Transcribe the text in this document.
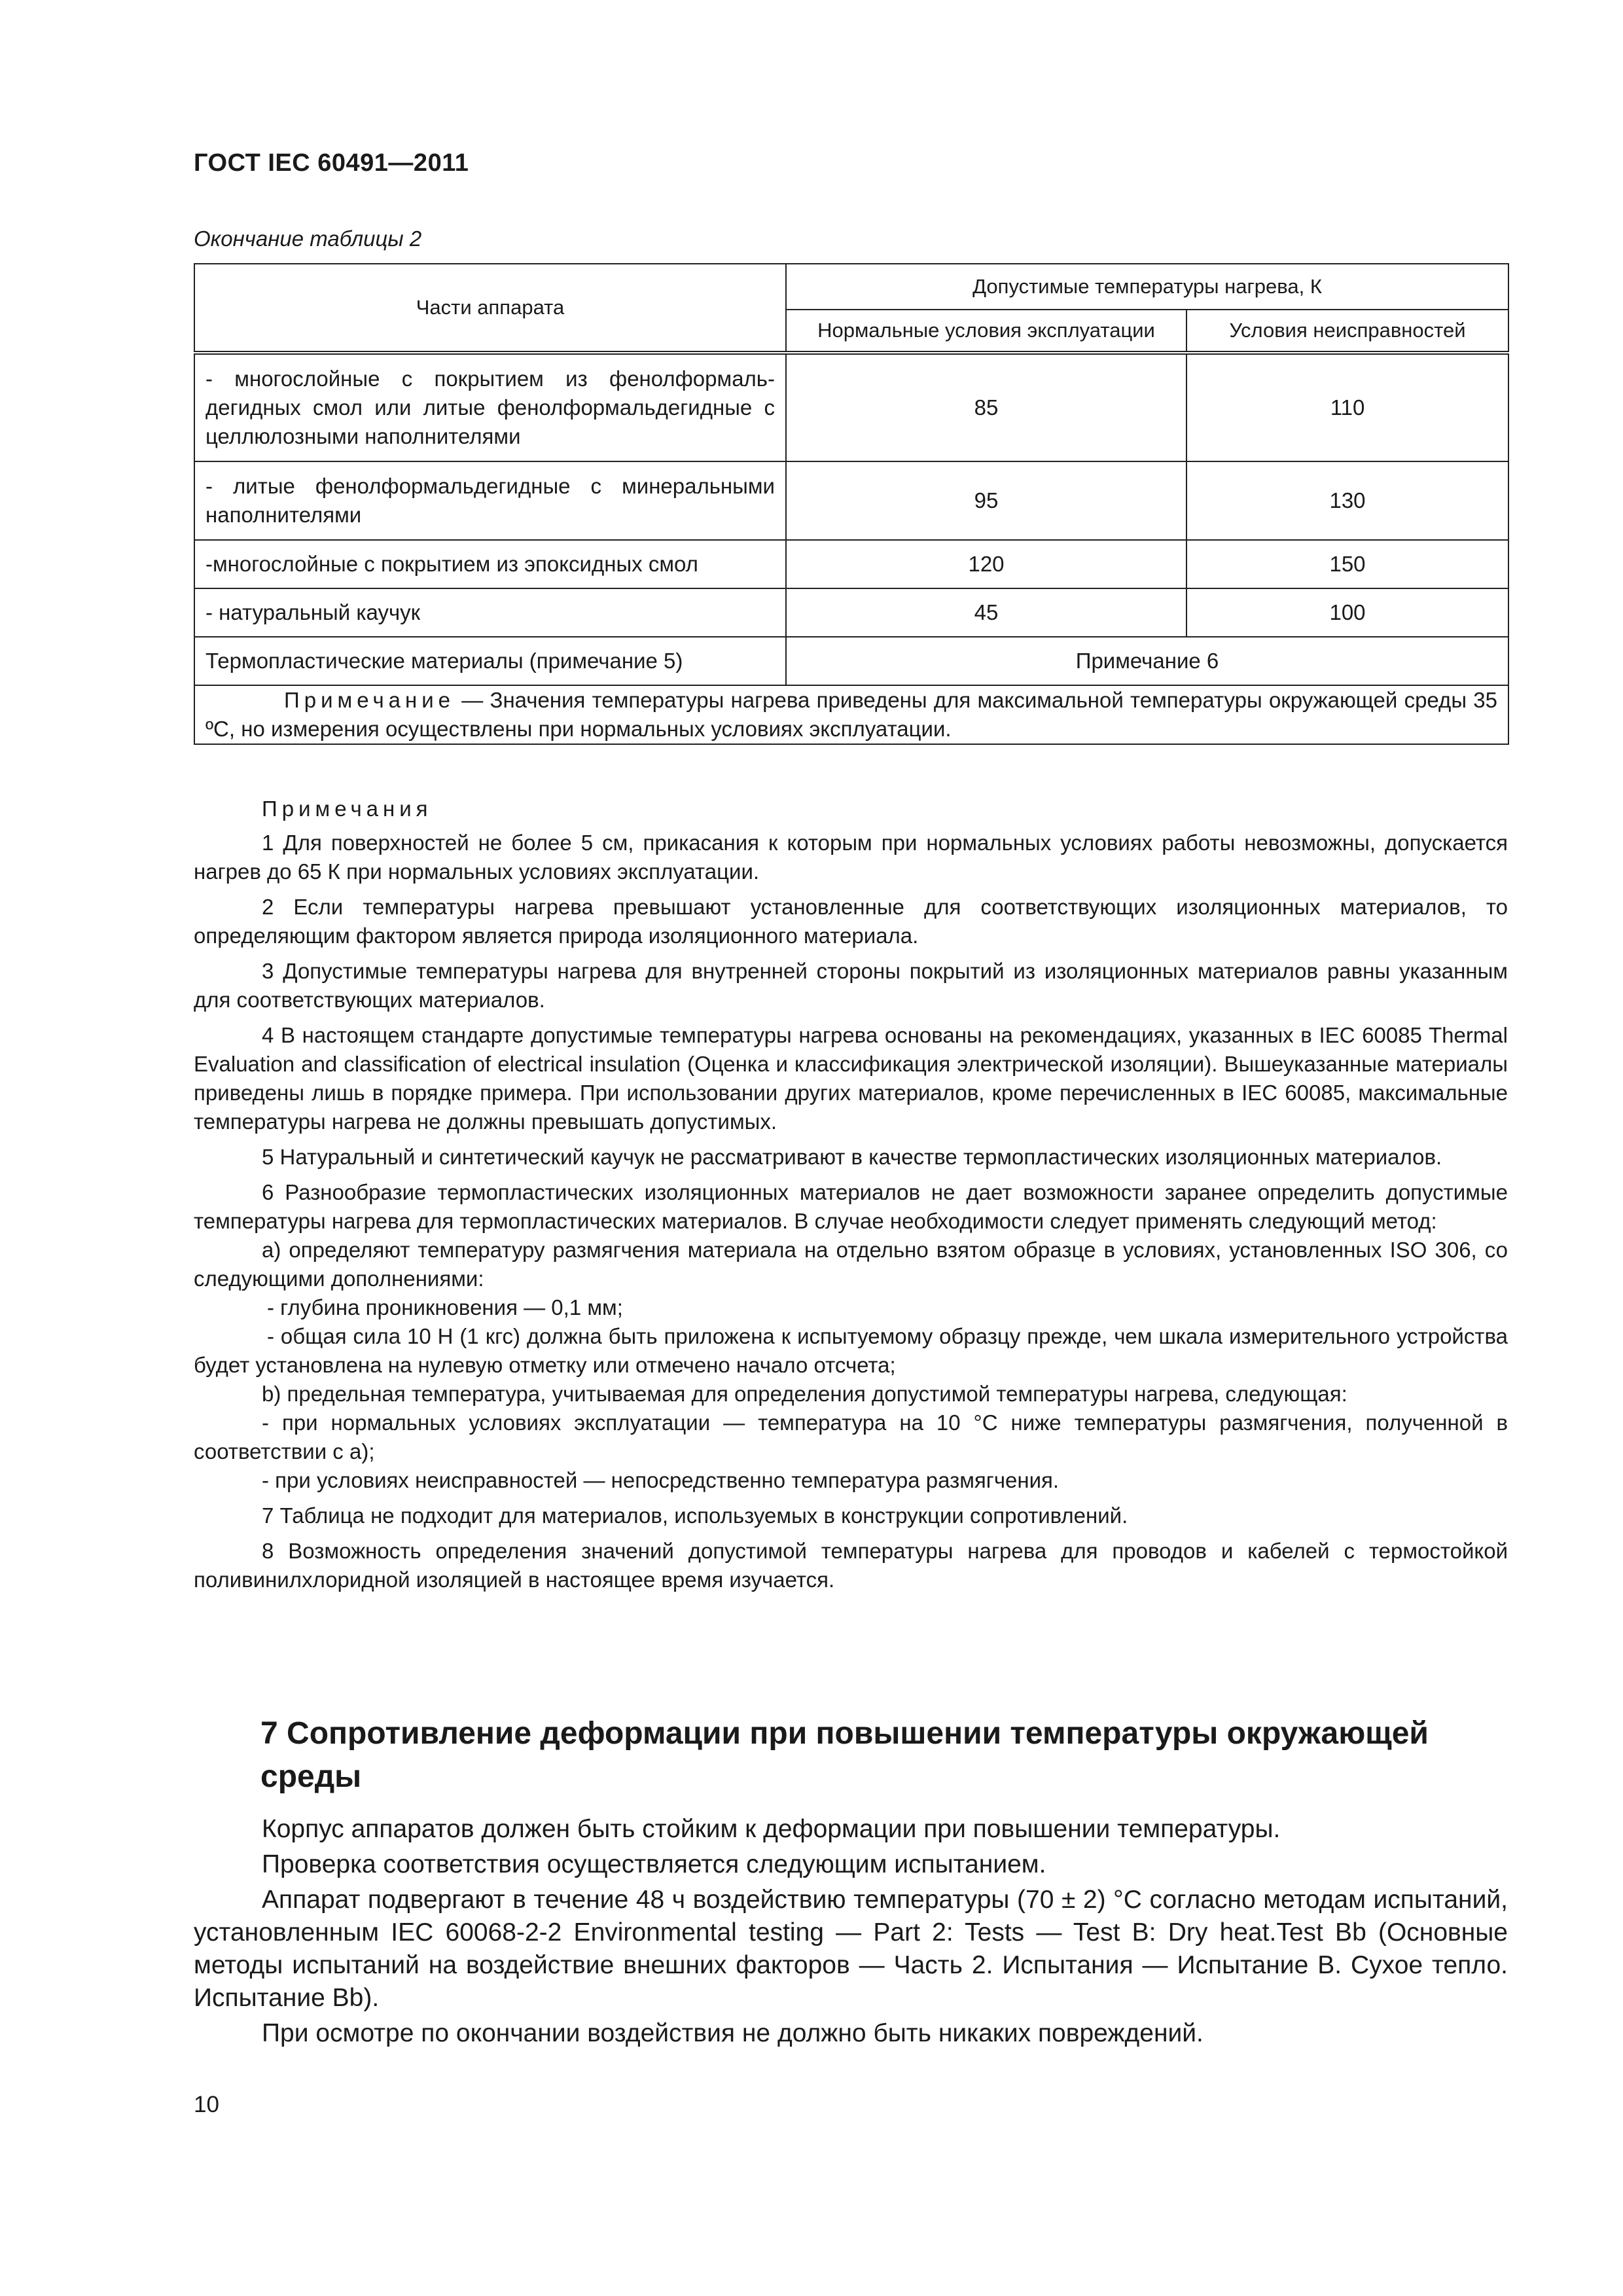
ГОСТ IEC 60491—2011
Окончание таблицы 2
Части аппарата	Допустимые температуры нагрева, К	
	Нормальные условия эксплуатации	Условия неисправностей
- многослойные с покрытием из фенолформальдегидных смол или литые фенолформальдегидные с целлюлозными наполнителями	85	110
- литые фенолформальдегидные с минеральными наполнителями	95	130
-многослойные с покрытием из эпоксидных смол	120	150
- натуральный каучук	45	100
Термопластические материалы (примечание 5)	Примечание 6	
Примечание — Значения температуры нагрева приведены для максимальной температуры окружающей среды 35 ºС, но измерения осуществлены при нормальных условиях эксплуатации.		

Примечания

1 Для поверхностей не более 5 см, прикасания к которым при нормальных условиях работы невозможны, допускается нагрев до 65 К при нормальных условиях эксплуатации.

2 Если температуры нагрева превышают установленные для соответствующих изоляционных материалов, то определяющим фактором является природа изоляционного материала.

3 Допустимые температуры нагрева для внутренней стороны покрытий из изоляционных материалов равны указанным для соответствующих материалов.

4 В настоящем стандарте допустимые температуры нагрева основаны на рекомендациях, указанных в IEC 60085 Thermal Evaluation and classification of electrical insulation (Оценка и классификация электрической изоляции). Вышеуказанные материалы приведены лишь в порядке примера. При использовании других материалов, кроме перечисленных в IEC 60085, максимальные температуры нагрева не должны превышать допустимых.

5 Натуральный и синтетический каучук не рассматривают в качестве термопластических изоляционных материалов.

6 Разнообразие термопластических изоляционных материалов не дает возможности заранее определить допустимые температуры нагрева для термопластических материалов. В случае необходимости следует применять следующий метод:

а) определяют температуру размягчения материала на отдельно взятом образце в условиях, установленных ISO 306, со следующими дополнениями:

- глубина проникновения — 0,1 мм;

- общая сила 10 Н (1 кгс) должна быть приложена к испытуемому образцу прежде, чем шкала измерительного устройства будет установлена на нулевую отметку или отмечено начало отсчета;

b) предельная температура, учитываемая для определения допустимой температуры нагрева, следующая:

- при нормальных условиях эксплуатации — температура на 10 °С ниже температуры размягчения, полученной в соответствии с а);

- при условиях неисправностей — непосредственно температура размягчения.

7 Таблица не подходит для материалов, используемых в конструкции сопротивлений.

8 Возможность определения значений допустимой температуры нагрева для проводов и кабелей с термостойкой поливинилхлоридной изоляцией в настоящее время изучается.

7 Сопротивление деформации при повышении температуры окружающей среды

Корпус аппаратов должен быть стойким к деформации при повышении температуры.

Проверка соответствия осуществляется следующим испытанием.

Аппарат подвергают в течение 48 ч воздействию температуры (70 ± 2) °С согласно методам испытаний, установленным IEC 60068-2-2 Environmental testing — Part 2: Tests — Test B: Dry heat.Test Bb (Основные методы испытаний на воздействие внешних факторов — Часть 2. Испытания — Испытание В. Сухое тепло. Испытание Bb).

При осмотре по окончании воздействия не должно быть никаких повреждений.

10
